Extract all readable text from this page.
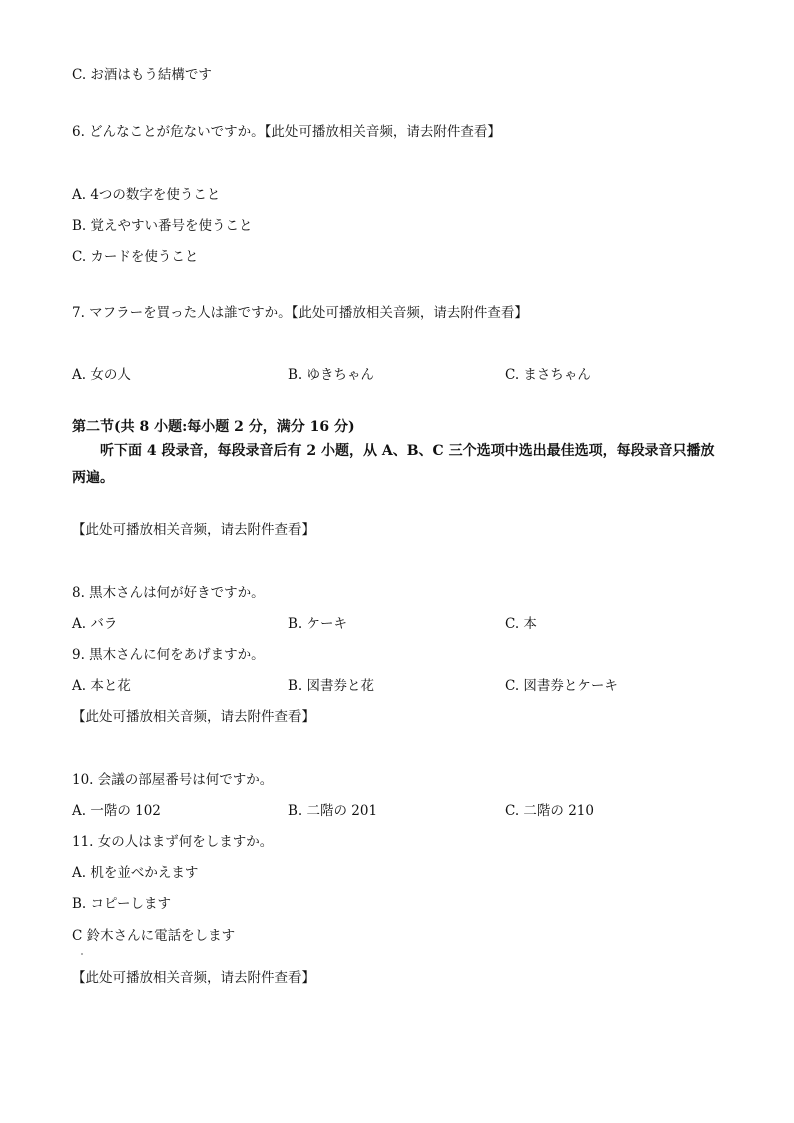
C. お酒はもう結構です
6. どんなことが危ないですか。【此处可播放相关音频，请去附件查看】
A. 4つの数字を使うこと
B. 覚えやすい番号を使うこと
C. カードを使うこと
7. マフラーを買った人は誰ですか。【此处可播放相关音频，请去附件查看】
A. 女の人	B. ゆきちゃん	C. まさちゃん
第二节(共 8 小题:每小题 2 分，满分 16 分)

听下面 4 段录音，每段录音后有 2 小题，从 A、B、C 三个选项中选出最佳选项，每段录音只播放两遍。

【此处可播放相关音频，请去附件查看】
8. 黒木さんは何が好きですか。
A. バラ	B. ケーキ	C. 本
9. 黒木さんに何をあげますか。
A. 本と花	B. 図書券と花	C. 図書券とケーキ
【此处可播放相关音频，请去附件查看】
10. 会議の部屋番号は何ですか。
A. 一階の 102	B. 二階の 201	C. 二階の 210
11. 女の人はまず何をしますか。
A. 机を並べかえます
B. コピーします
C 鈴木さんに電話をします
【此处可播放相关音频，请去附件查看】
